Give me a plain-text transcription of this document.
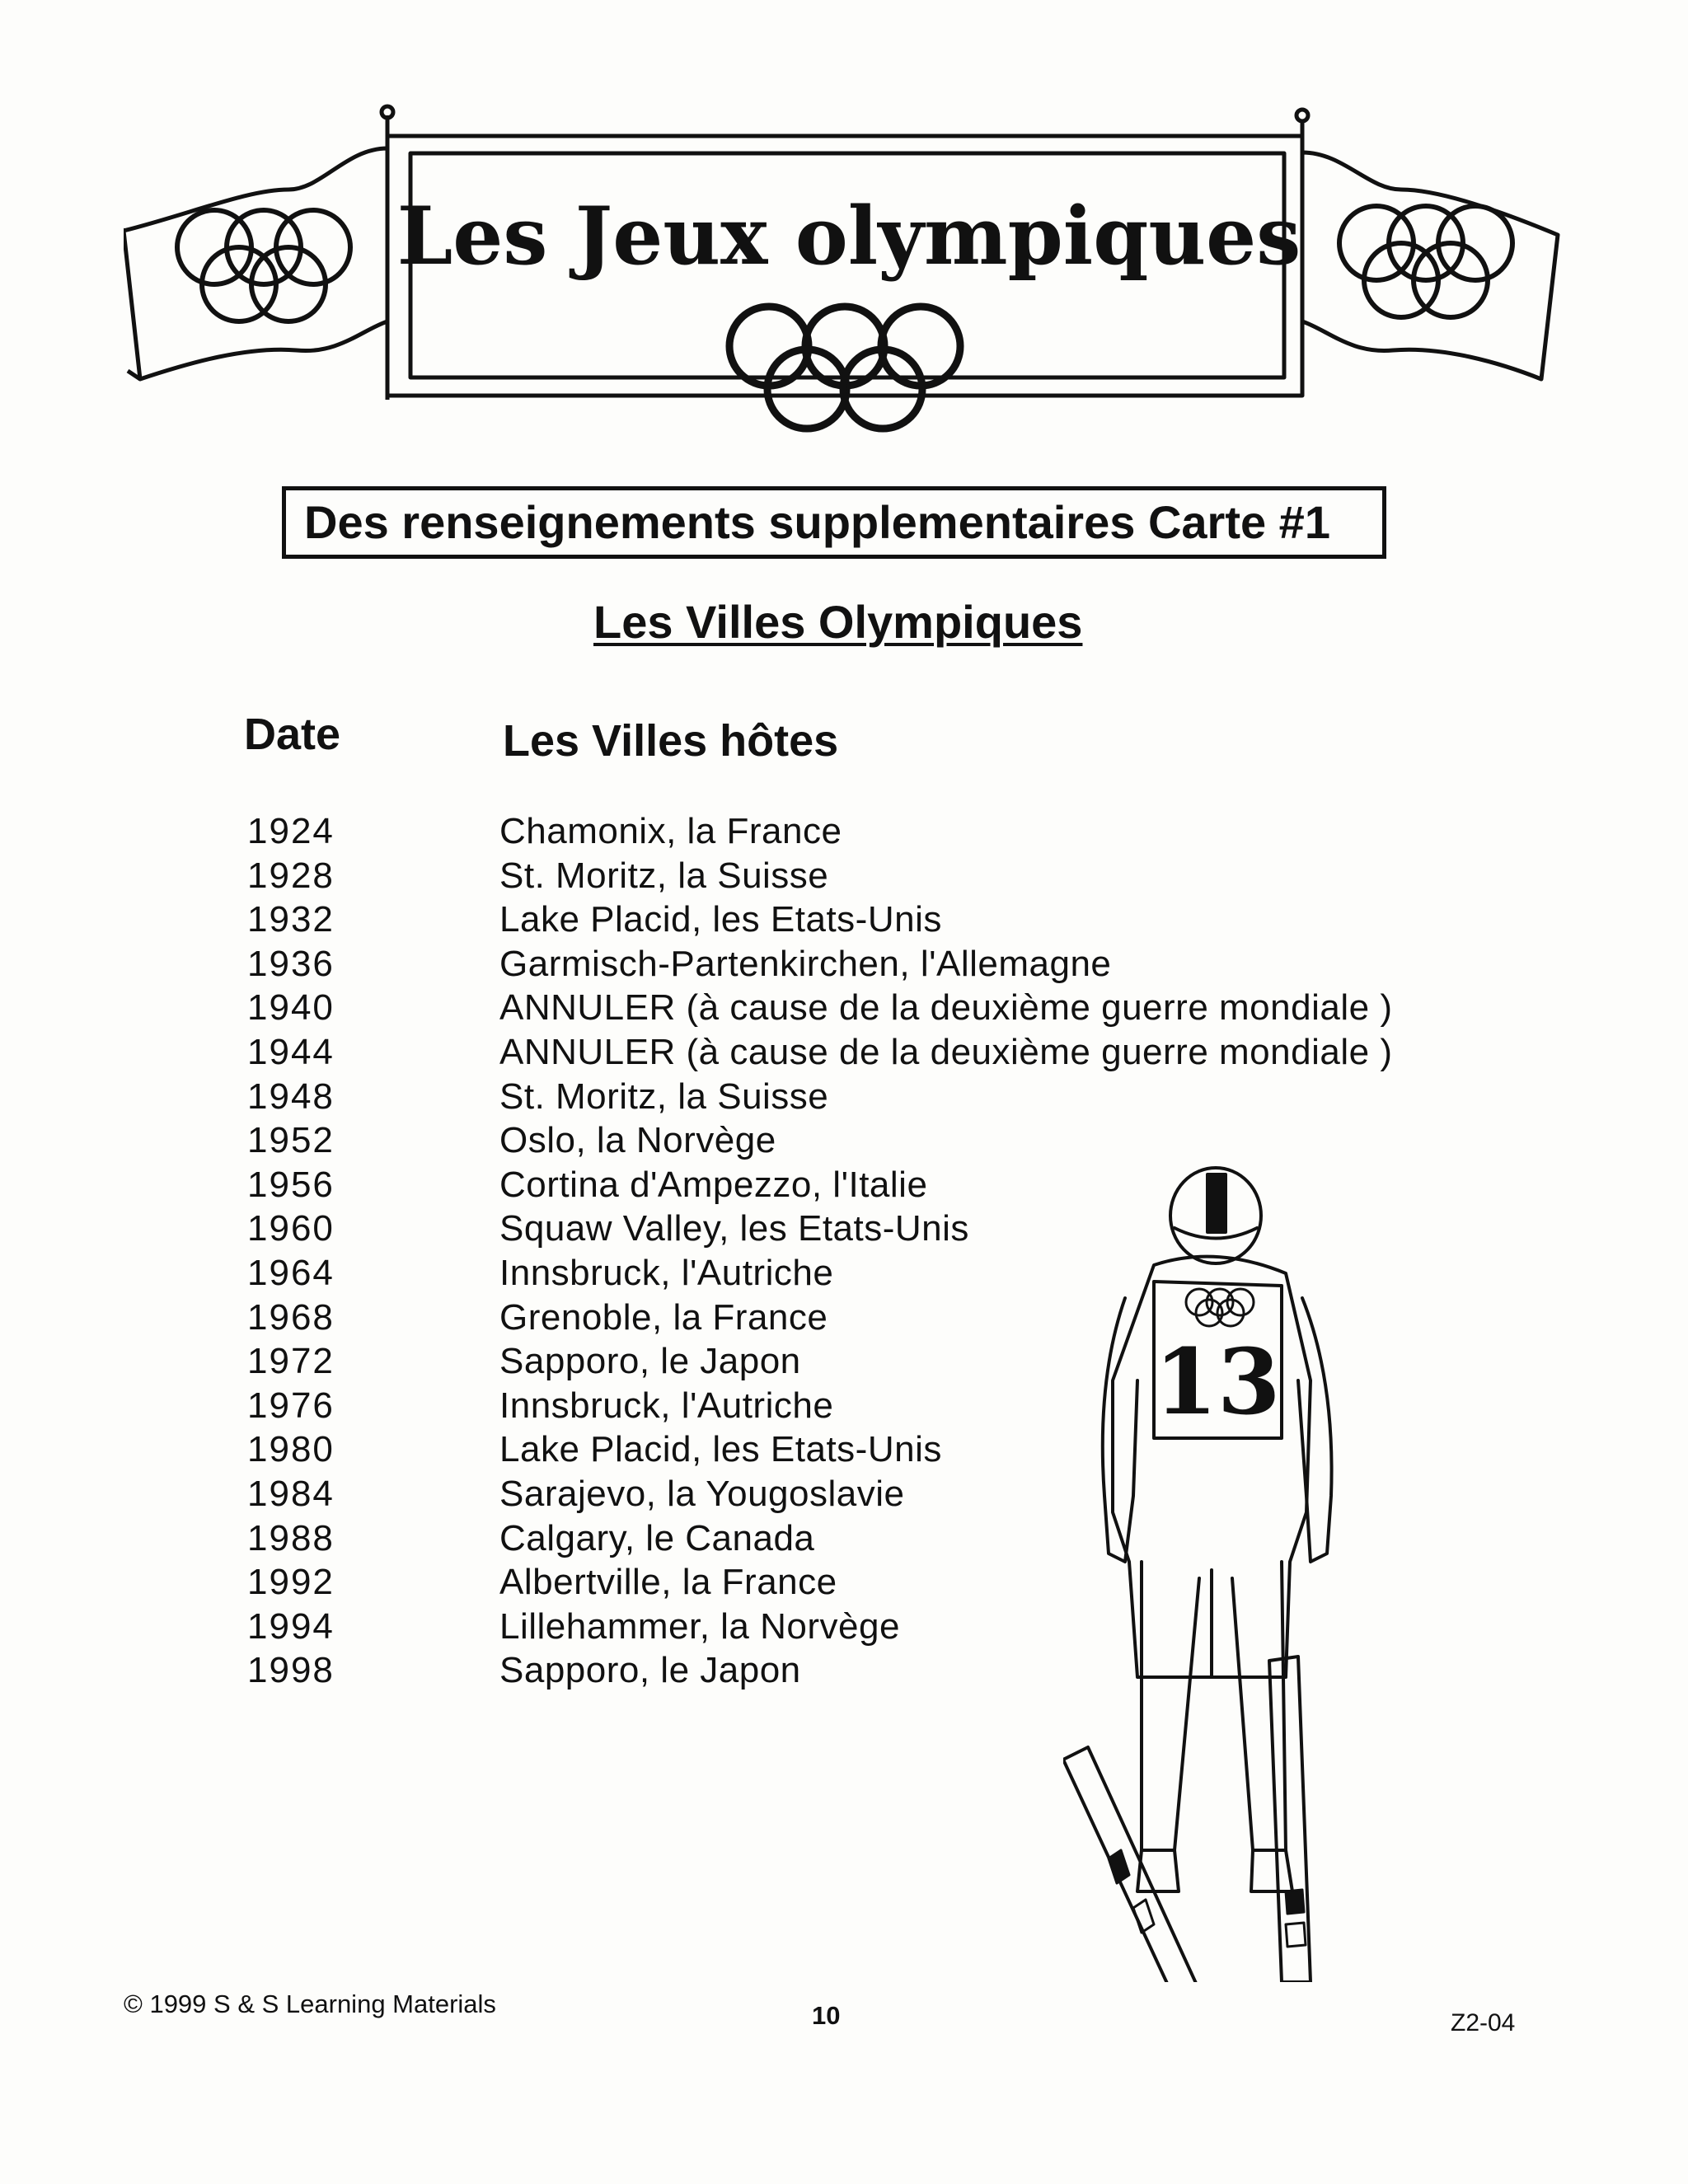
Les Jeux olympiques
Des renseignements supplementaires Carte #1
Les Villes Olympiques
Date	Les Villes hôtes
1924	Chamonix, la France
1928	St. Moritz, la Suisse
1932	Lake Placid, les Etats-Unis
1936	Garmisch-Partenkirchen, l'Allemagne
1940	ANNULER (à cause de la deuxième guerre mondiale )
1944	ANNULER (à cause de la deuxième guerre mondiale )
1948	St. Moritz, la Suisse
1952	Oslo, la Norvège
1956	Cortina d'Ampezzo, l'Italie
1960	Squaw Valley, les Etats-Unis
1964	Innsbruck, l'Autriche
1968	Grenoble, la France
1972	Sapporo, le Japon
1976	Innsbruck, l'Autriche
1980	Lake Placid, les Etats-Unis
1984	Sarajevo, la Yougoslavie
1988	Calgary, le Canada
1992	Albertville, la France
1994	Lillehammer, la Norvège
1998	Sapporo, le Japon
13
© 1999 S & S Learning Materials	10	Z2-04
